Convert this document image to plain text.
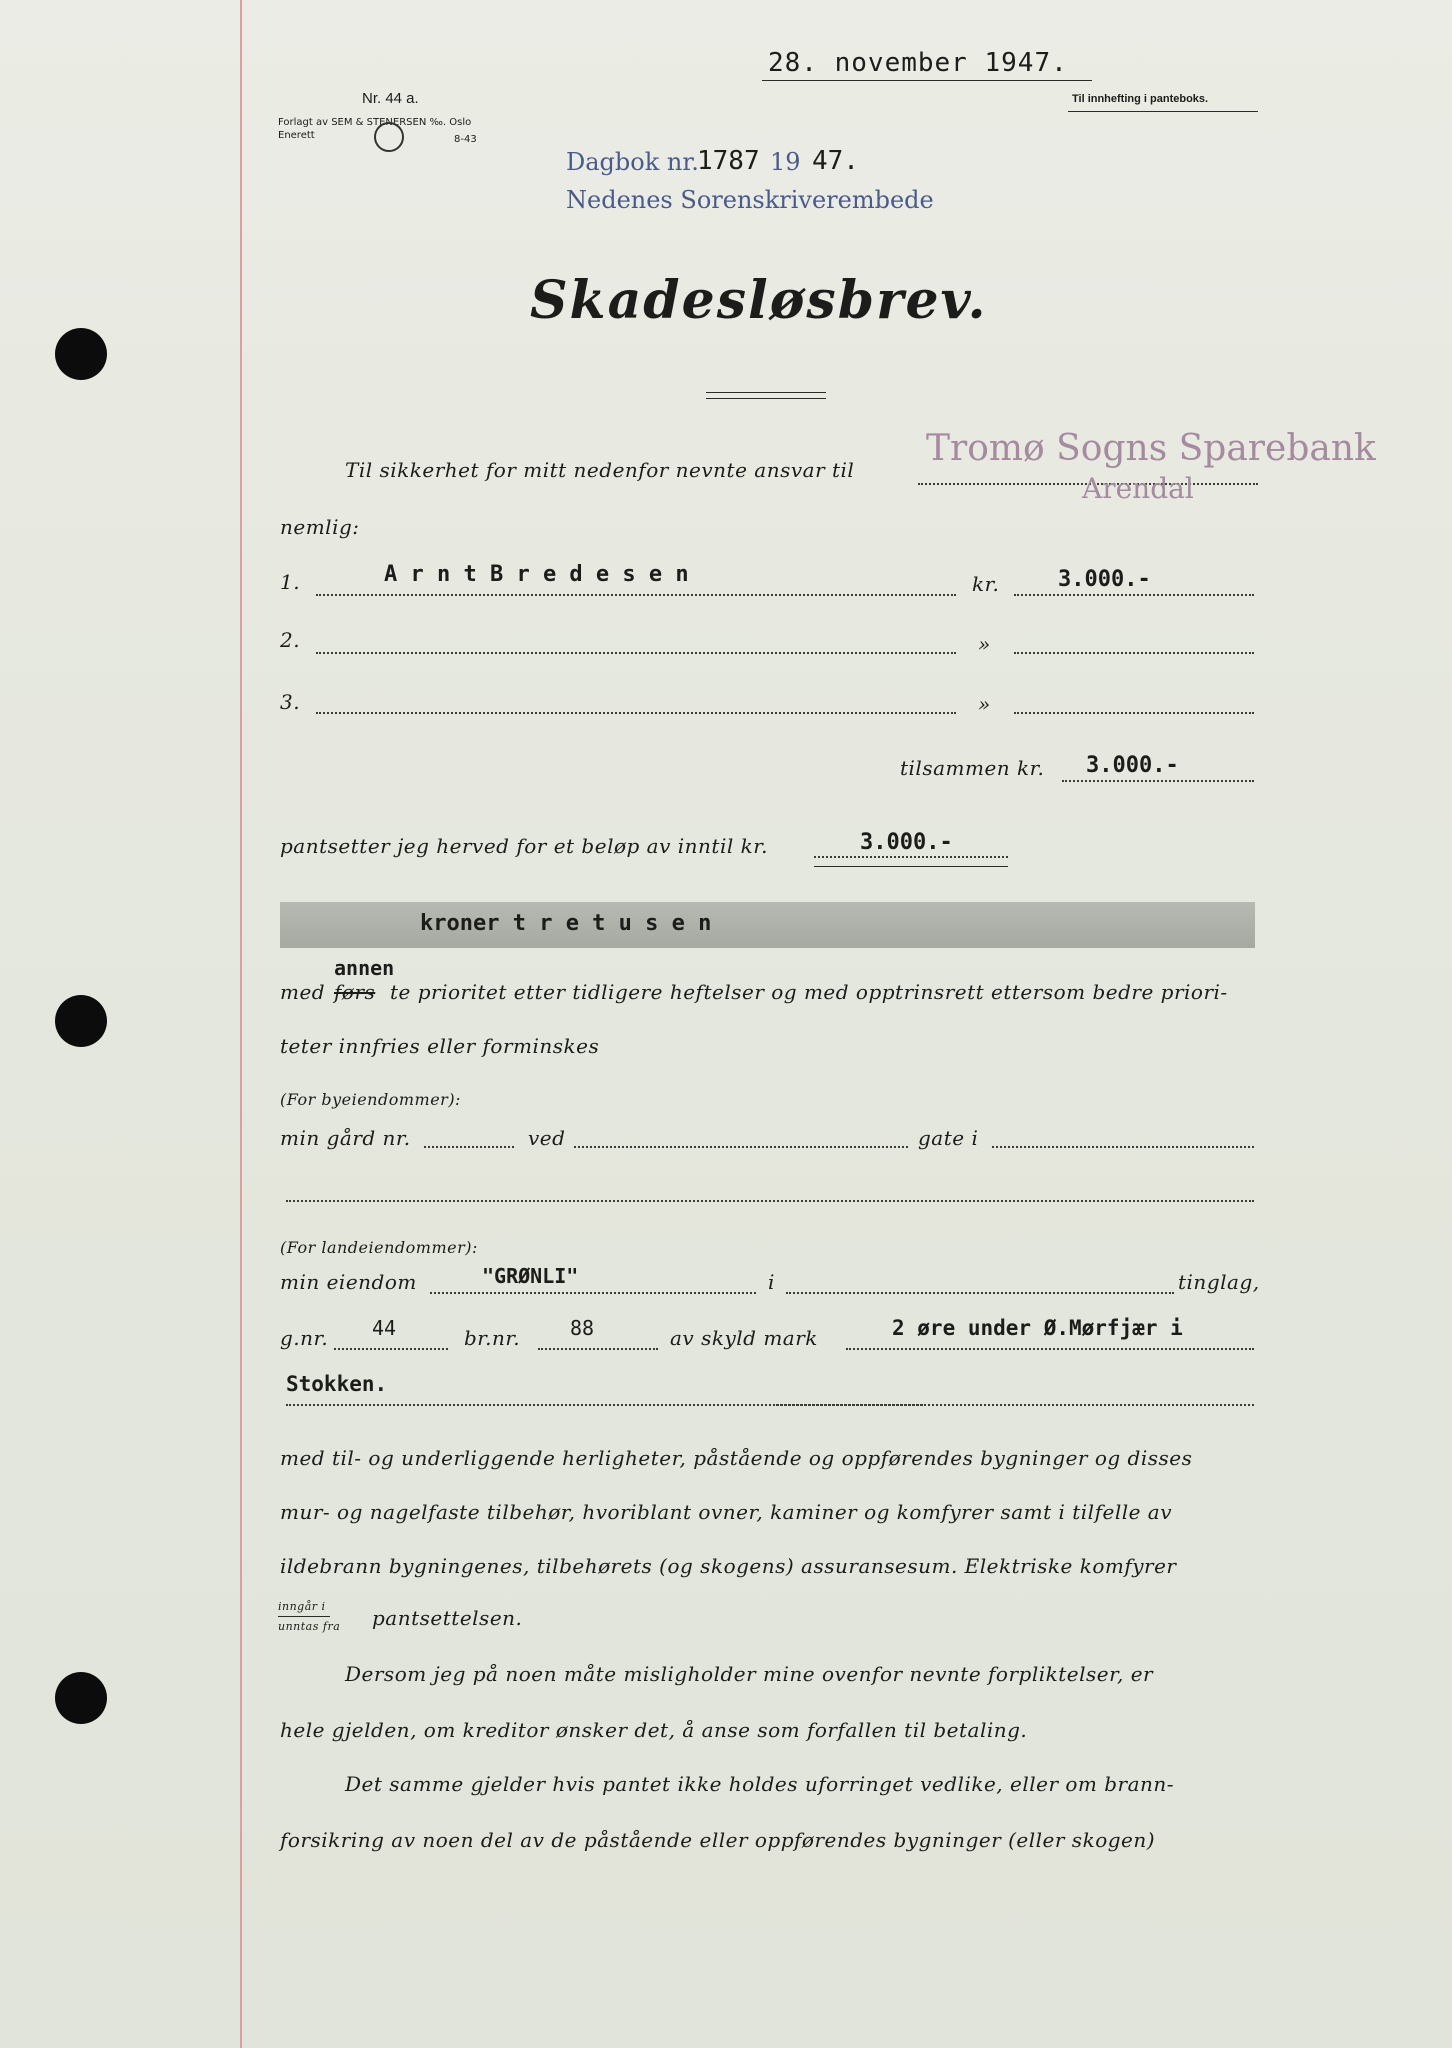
28. november 1947.
Til innhefting i panteboks.
Nr. 44 a.
Forlagt av SEM & STENERSEN ‰. Oslo
Enerett	8-43
Dagbok nr.
1787 19 47.
Nedenes Sorenskriverembede
Skadesløsbrev.
Til sikkerhet for mitt nedenfor nevnte ansvar til
Tromø Sogns Sparebank
Arendal
nemlig:
1.	A r n t B r e d e s e n	kr.	3.000.-
2.	»
3.	»
tilsammen kr. 3.000.-
pantsetter jeg herved for et beløp av inntil kr.	3.000.-
kroner t r e t u s e n
annen
med førs te prioritet etter tidligere heftelser og med opptrinsrett ettersom bedre priori-
teter innfries eller forminskes
(For byeiendommer):
min gård nr.	ved	gate i
(For landeiendommer):
min eiendom	"GRØNLI"	i	tinglag,
g.nr. 44	br.nr. 88	av skyld mark	2 øre under Ø.Mørfjær i
Stokken.
med til- og underliggende herligheter, påstående og oppførendes bygninger og disses
mur- og nagelfaste tilbehør, hvoriblant ovner, kaminer og komfyrer samt i tilfelle av
ildebrann bygningenes, tilbehørets (og skogens) assuransesum. Elektriske komfyrer
inngår i
unntas fra pantsettelsen.
Dersom jeg på noen måte misligholder mine ovenfor nevnte forpliktelser, er
hele gjelden, om kreditor ønsker det, å anse som forfallen til betaling.
Det samme gjelder hvis pantet ikke holdes uforringet vedlike, eller om brann-
forsikring av noen del av de påstående eller oppførendes bygninger (eller skogen)
